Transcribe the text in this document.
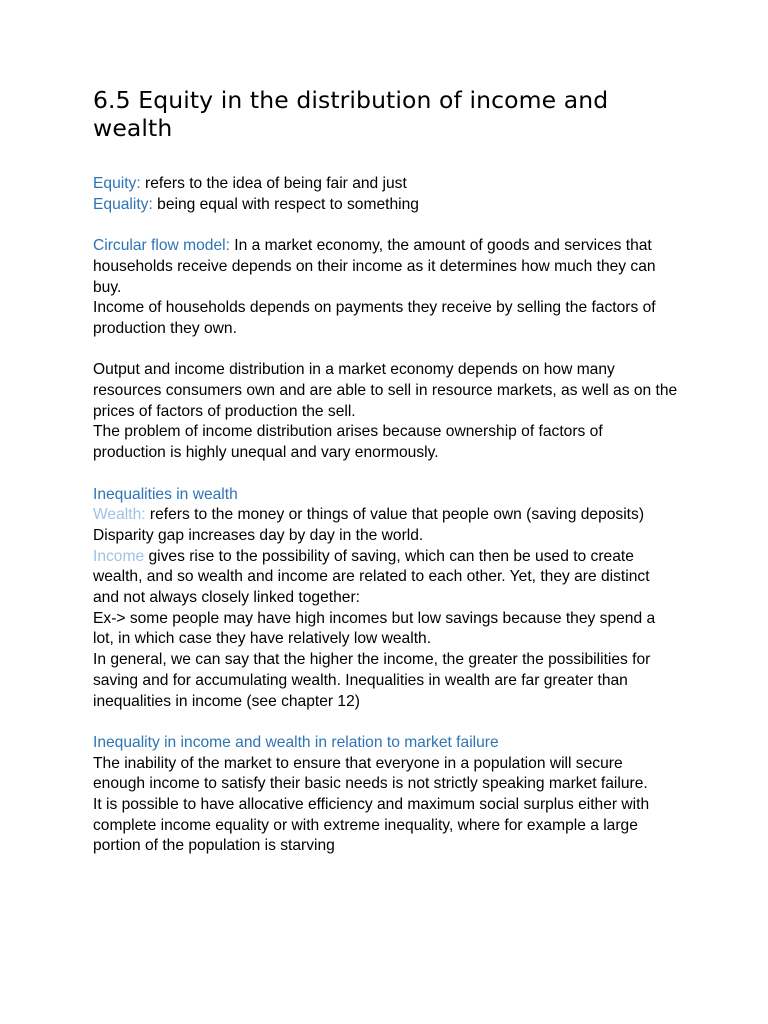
6.5 Equity in the distribution of income and wealth

Equity: refers to the idea of being fair and just

Equality: being equal with respect to something

Circular flow model: In a market economy, the amount of goods and services that households receive depends on their income as it determines how much they can buy.

Income of households depends on payments they receive by selling the factors of production they own.

Output and income distribution in a market economy depends on how many resources consumers own and are able to sell in resource markets, as well as on the prices of factors of production the sell.

The problem of income distribution arises because ownership of factors of production is highly unequal and vary enormously.

Inequalities in wealth

Wealth: refers to the money or things of value that people own (saving deposits)

Disparity gap increases day by day in the world.

Income gives rise to the possibility of saving, which can then be used to create wealth, and so wealth and income are related to each other. Yet, they are distinct and not always closely linked together:

Ex-> some people may have high incomes but low savings because they spend a lot, in which case they have relatively low wealth.

In general, we can say that the higher the income, the greater the possibilities for saving and for accumulating wealth. Inequalities in wealth are far greater than inequalities in income (see chapter 12)

Inequality in income and wealth in relation to market failure

The inability of the market to ensure that everyone in a population will secure enough income to satisfy their basic needs is not strictly speaking market failure.

It is possible to have allocative efficiency and maximum social surplus either with complete income equality or with extreme inequality, where for example a large portion of the population is starving
